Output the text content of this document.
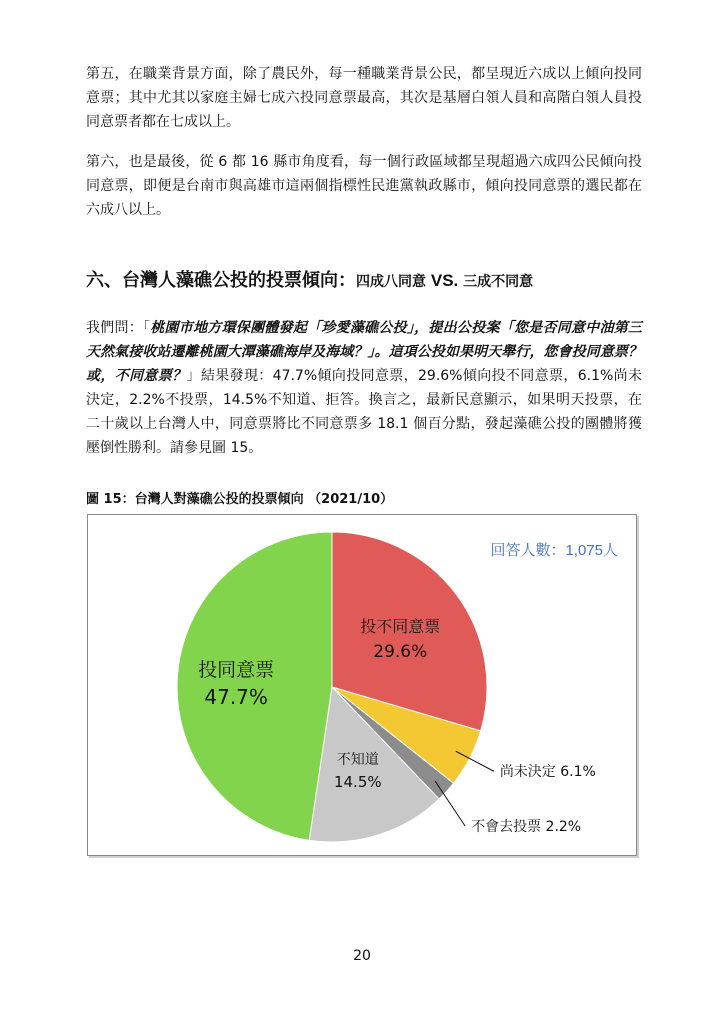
第五，在職業背景方面，除了農民外，每一種職業背景公民，都呈現近六成以上傾向投同意票；其中尤其以家庭主婦七成六投同意票最高，其次是基層白領人員和高階白領人員投同意票者都在七成以上。

第六，也是最後，從 6 都 16 縣市角度看，每一個行政區域都呈現超過六成四公民傾向投同意票，即便是台南市與高雄市這兩個指標性民進黨執政縣市，傾向投同意票的選民都在六成八以上。

六、台灣人藻礁公投的投票傾向：四成八同意 VS. 三成不同意

我們問：「桃園市地方環保團體發起「珍愛藻礁公投」，提出公投案「您是否同意中油第三天然氣接收站遷離桃園大潭藻礁海岸及海域？」。這項公投如果明天舉行，您會投同意票？或，不同意票？」結果發現：47.7%傾向投同意票，29.6%傾向投不同意票，6.1%尚未決定，2.2%不投票，14.5%不知道、拒答。換言之，最新民意顯示，如果明天投票，在二十歲以上台灣人中，同意票將比不同意票多 18.1 個百分點，發起藻礁公投的團體將獲壓倒性勝利。請參見圖 15。

圖 15：台灣人對藻礁公投的投票傾向 （2021/10）

回答人數：1,075人
投不同意票
29.6%
尚未決定 6.1%
不會去投票 2.2%
不知道
14.5%
投同意票
47.7%
20
